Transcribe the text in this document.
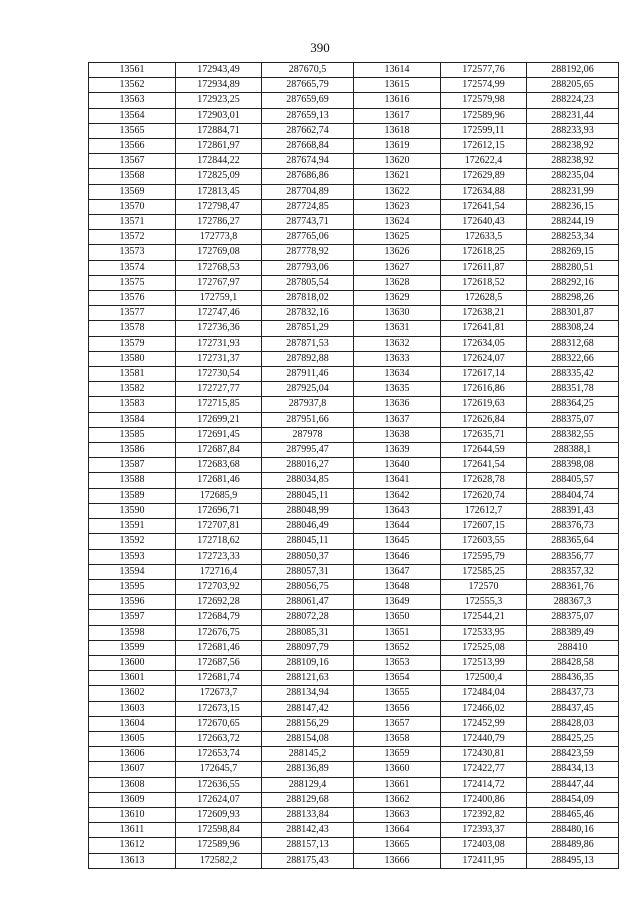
390
13561	172943,49	287670,5	13614	172577,76	288192,06
13562	172934,89	287665,79	13615	172574,99	288205,65
13563	172923,25	287659,69	13616	172579,98	288224,23
13564	172903,01	287659,13	13617	172589,96	288231,44
13565	172884,71	287662,74	13618	172599,11	288233,93
13566	172861,97	287668,84	13619	172612,15	288238,92
13567	172844,22	287674,94	13620	172622,4	288238,92
13568	172825,09	287686,86	13621	172629,89	288235,04
13569	172813,45	287704,89	13622	172634,88	288231,99
13570	172798,47	287724,85	13623	172641,54	288236,15
13571	172786,27	287743,71	13624	172640,43	288244,19
13572	172773,8	287765,06	13625	172633,5	288253,34
13573	172769,08	287778,92	13626	172618,25	288269,15
13574	172768,53	287793,06	13627	172611,87	288280,51
13575	172767,97	287805,54	13628	172618,52	288292,16
13576	172759,1	287818,02	13629	172628,5	288298,26
13577	172747,46	287832,16	13630	172638,21	288301,87
13578	172736,36	287851,29	13631	172641,81	288308,24
13579	172731,93	287871,53	13632	172634,05	288312,68
13580	172731,37	287892,88	13633	172624,07	288322,66
13581	172730,54	287911,46	13634	172617,14	288335,42
13582	172727,77	287925,04	13635	172616,86	288351,78
13583	172715,85	287937,8	13636	172619,63	288364,25
13584	172699,21	287951,66	13637	172626,84	288375,07
13585	172691,45	287978	13638	172635,71	288382,55
13586	172687,84	287995,47	13639	172644,59	288388,1
13587	172683,68	288016,27	13640	172641,54	288398,08
13588	172681,46	288034,85	13641	172628,78	288405,57
13589	172685,9	288045,11	13642	172620,74	288404,74
13590	172696,71	288048,99	13643	172612,7	288391,43
13591	172707,81	288046,49	13644	172607,15	288376,73
13592	172718,62	288045,11	13645	172603,55	288365,64
13593	172723,33	288050,37	13646	172595,79	288356,77
13594	172716,4	288057,31	13647	172585,25	288357,32
13595	172703,92	288056,75	13648	172570	288361,76
13596	172692,28	288061,47	13649	172555,3	288367,3
13597	172684,79	288072,28	13650	172544,21	288375,07
13598	172676,75	288085,31	13651	172533,95	288389,49
13599	172681,46	288097,79	13652	172525,08	288410
13600	172687,56	288109,16	13653	172513,99	288428,58
13601	172681,74	288121,63	13654	172500,4	288436,35
13602	172673,7	288134,94	13655	172484,04	288437,73
13603	172673,15	288147,42	13656	172466,02	288437,45
13604	172670,65	288156,29	13657	172452,99	288428,03
13605	172663,72	288154,08	13658	172440,79	288425,25
13606	172653,74	288145,2	13659	172430,81	288423,59
13607	172645,7	288136,89	13660	172422,77	288434,13
13608	172636,55	288129,4	13661	172414,72	288447,44
13609	172624,07	288129,68	13662	172400,86	288454,09
13610	172609,93	288133,84	13663	172392,82	288465,46
13611	172598,84	288142,43	13664	172393,37	288480,16
13612	172589,96	288157,13	13665	172403,08	288489,86
13613	172582,2	288175,43	13666	172411,95	288495,13
